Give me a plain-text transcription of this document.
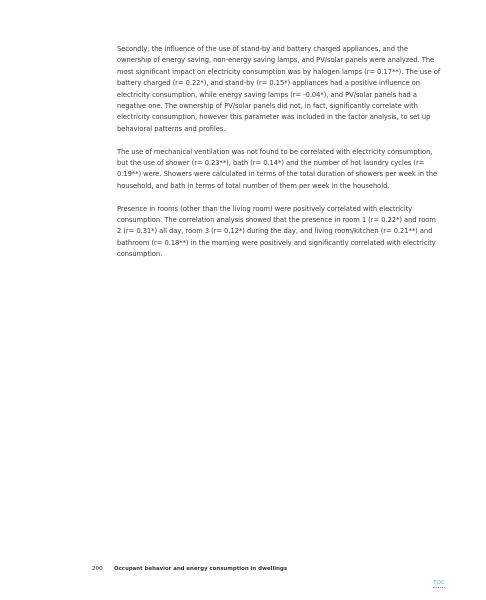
Secondly, the influence of the use of stand-by and battery charged appliances, and the ownership of energy saving, non-energy saving lamps, and PV/solar panels were analyzed. The most significant impact on electricity consumption was by halogen lamps (r= 0.17**). The use of battery charged (r= 0.22*), and stand-by (r= 0.15*) appliances had a positive influence on electricity consumption, while energy saving lamps (r= -0.04*), and PV/solar panels had a negative one. The ownership of PV/solar panels did not, in fact, significantly correlate with electricity consumption, however this parameter was included in the factor analysis, to set up behavioral patterns and profiles.

The use of mechanical ventilation was not found to be correlated with electricity consumption, but the use of shower (r= 0.23**), bath (r= 0.14*) and the number of hot laundry cycles (r= 0.19**) were. Showers were calculated in terms of the total duration of showers per week in the household, and bath in terms of total number of them per week in the household.

Presence in rooms (other than the living room) were positively correlated with electricity consumption. The correlation analysis showed that the presence in room 1 (r= 0.22*) and room 2 (r= 0.31*) all day, room 3 (r= 0.12*) during the day, and living room/kitchen (r= 0.21**) and bathroom (r= 0.18**) in the morning were positively and significantly correlated with electricity consumption.

200 Occupant behavior and energy consumption in dwellings
TOC
